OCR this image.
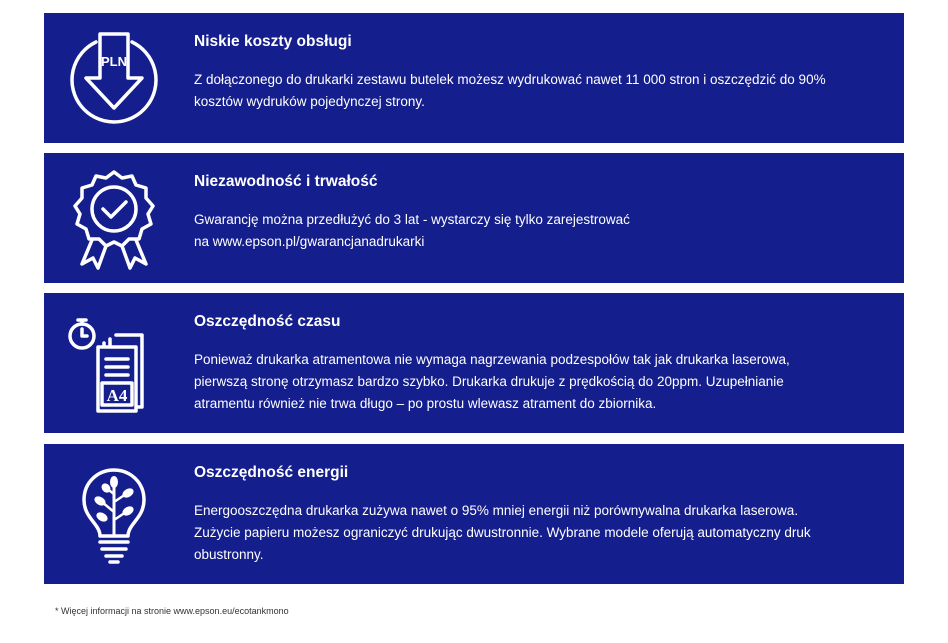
PLN
Niskie koszty obsługi

Z dołączonego do drukarki zestawu butelek możesz wydrukować nawet 11 000 stron i oszczędzić do 90%
kosztów wydruków pojedynczej strony.

Niezawodność i trwałość

Gwarancję można przedłużyć do 3 lat - wystarczy się tylko zarejestrować
na www.epson.pl/gwarancjanadrukarki

A4
Oszczędność czasu

Ponieważ drukarka atramentowa nie wymaga nagrzewania podzespołów tak jak drukarka laserowa,
pierwszą stronę otrzymasz bardzo szybko. Drukarka drukuje z prędkością do 20ppm. Uzupełnianie
atramentu również nie trwa długo – po prostu wlewasz atrament do zbiornika.

Oszczędność energii

Energooszczędna drukarka zużywa nawet o 95% mniej energii niż porównywalna drukarka laserowa.
Zużycie papieru możesz ograniczyć drukując dwustronnie. Wybrane modele oferują automatyczny druk
obustronny.

* Więcej informacji na stronie www.epson.eu/ecotankmono
